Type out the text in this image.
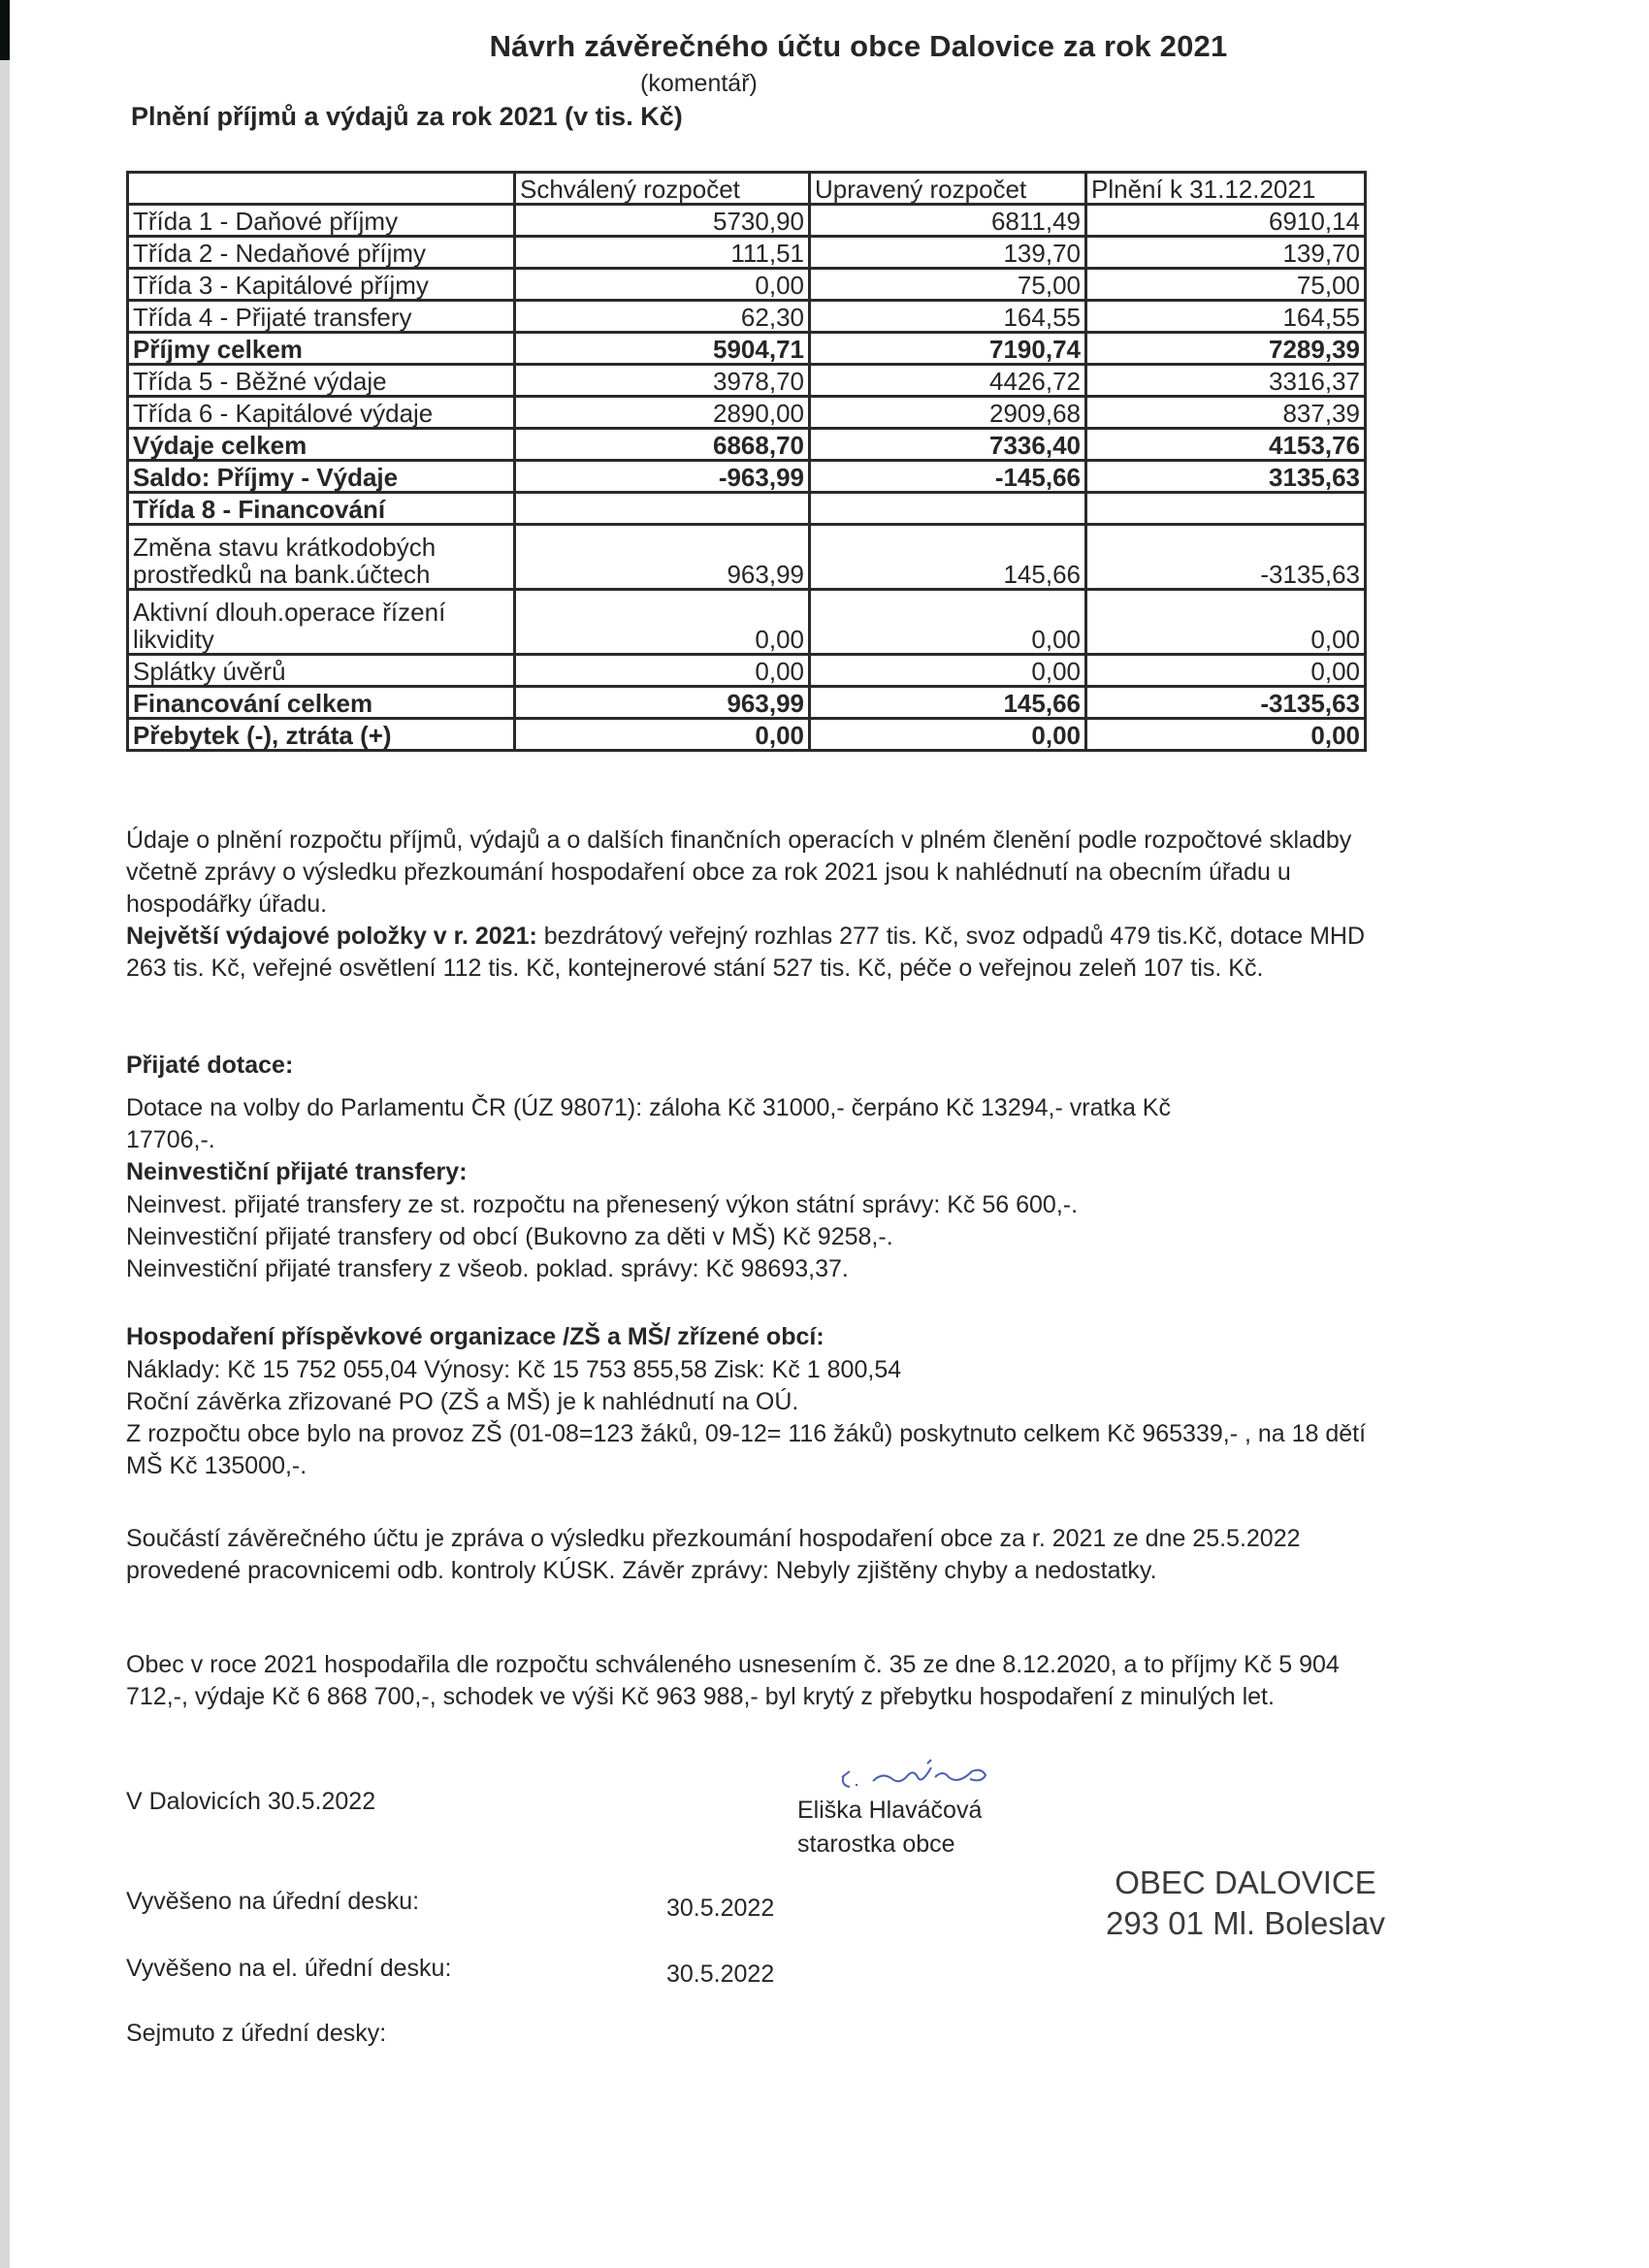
Návrh závěrečného účtu obce Dalovice za rok 2021
(komentář)
Plnění příjmů a výdajů za rok 2021 (v tis. Kč)
	Schválený rozpočet	Upravený rozpočet	Plnění k 31.12.2021
Třída 1 - Daňové příjmy	5730,90	6811,49	6910,14
Třída 2 - Nedaňové příjmy	111,51	139,70	139,70
Třída 3 - Kapitálové příjmy	0,00	75,00	75,00
Třída 4 - Přijaté transfery	62,30	164,55	164,55
Příjmy celkem	5904,71	7190,74	7289,39
Třída 5 - Běžné výdaje	3978,70	4426,72	3316,37
Třída 6 - Kapitálové výdaje	2890,00	2909,68	837,39
Výdaje celkem	6868,70	7336,40	4153,76
Saldo: Příjmy - Výdaje	-963,99	-145,66	3135,63
Třída 8 - Financování			
Změna stavu krátkodobých prostředků na bank.účtech	963,99	145,66	-3135,63
Aktivní dlouh.operace řízení likvidity	0,00	0,00	0,00
Splátky úvěrů	0,00	0,00	0,00
Financování celkem	963,99	145,66	-3135,63
Přebytek (-), ztráta (+)	0,00	0,00	0,00
Údaje o plnění rozpočtu příjmů, výdajů a o dalších finančních operacích v plném členění podle rozpočtové skladby včetně zprávy o výsledku přezkoumání hospodaření obce za rok 2021 jsou k nahlédnutí na obecním úřadu u hospodářky úřadu.
Největší výdajové položky v r. 2021: bezdrátový veřejný rozhlas 277 tis. Kč, svoz odpadů 479 tis.Kč, dotace MHD 263 tis. Kč, veřejné osvětlení 112 tis. Kč, kontejnerové stání 527 tis. Kč, péče o veřejnou zeleň 107 tis. Kč.
Přijaté dotace:
Dotace na volby do Parlamentu ČR (ÚZ 98071): záloha Kč 31000,- čerpáno Kč 13294,- vratka Kč 17706,-.
Neinvestiční přijaté transfery:
Neinvest. přijaté transfery ze st. rozpočtu na přenesený výkon státní správy: Kč 56 600,-.
Neinvestiční přijaté transfery od obcí (Bukovno za děti v MŠ) Kč 9258,-.
Neinvestiční přijaté transfery z všeob. poklad. správy: Kč 98693,37.
Hospodaření příspěvkové organizace /ZŠ a MŠ/ zřízené obcí:
Náklady: Kč 15 752 055,04 Výnosy: Kč 15 753 855,58 Zisk: Kč 1 800,54
Roční závěrka zřizované PO (ZŠ a MŠ) je k nahlédnutí na OÚ.
Z rozpočtu obce bylo na provoz ZŠ (01-08=123 žáků, 09-12= 116 žáků) poskytnuto celkem Kč 965339,- , na 18 dětí MŠ Kč 135000,-.
Součástí závěrečného účtu je zpráva o výsledku přezkoumání hospodaření obce za r. 2021 ze dne 25.5.2022 provedené pracovnicemi odb. kontroly KÚSK. Závěr zprávy: Nebyly zjištěny chyby a nedostatky.
Obec v roce 2021 hospodařila dle rozpočtu schváleného usnesením č. 35 ze dne 8.12.2020, a to příjmy Kč 5 904 712,-, výdaje Kč 6 868 700,-, schodek ve výši Kč 963 988,- byl krytý z přebytku hospodaření z minulých let.
V Dalovicích 30.5.2022	Eliška Hlaváčová
starostka obce
Vyvěšeno na úřední desku:	30.5.2022
Vyvěšeno na el. úřední desku:	30.5.2022
Sejmuto z úřední desky:
OBEC DALOVICE
293 01 Ml. Boleslav
